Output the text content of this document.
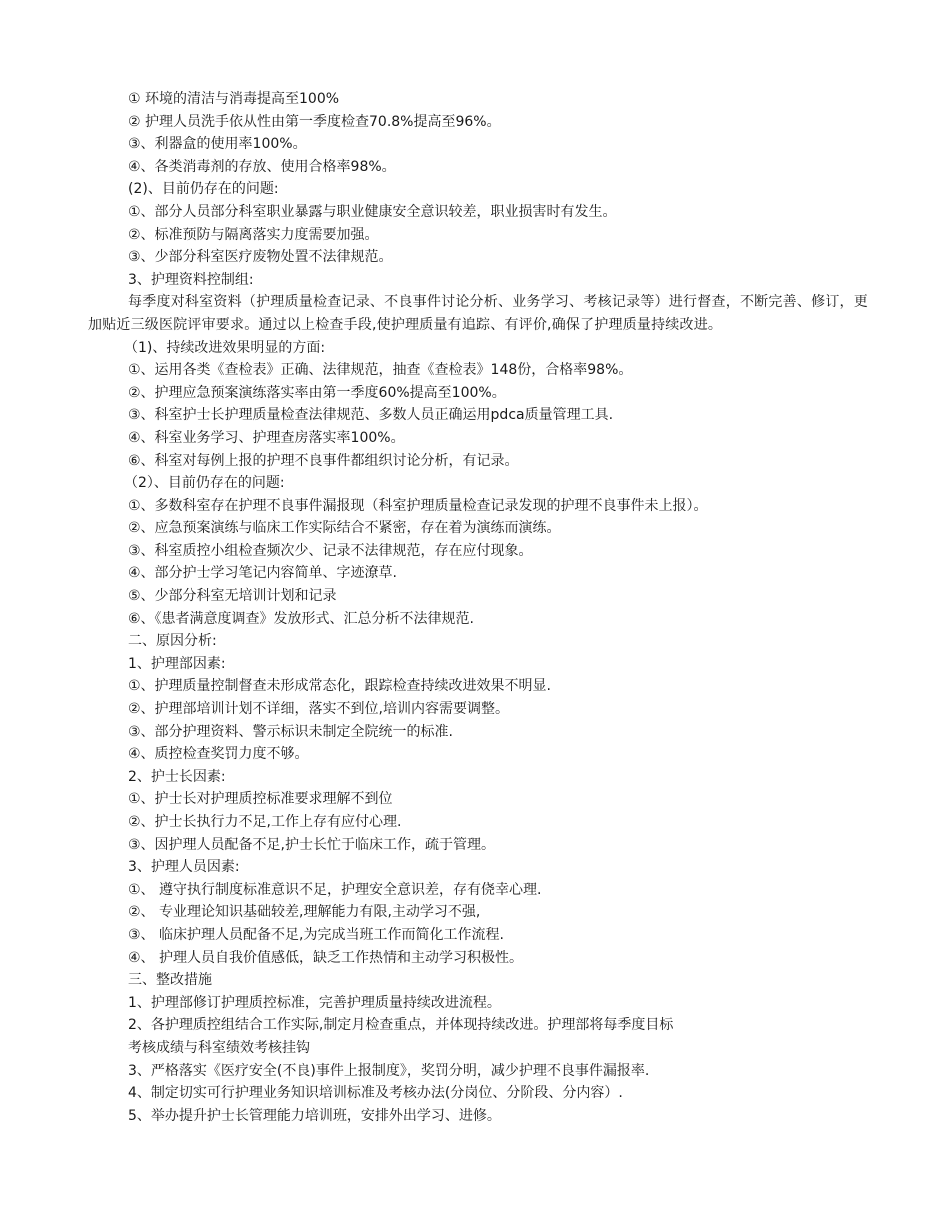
① 环境的清洁与消毒提高至100%

② 护理人员洗手依从性由第一季度检查70.8%提高至96%。

③、利器盒的使用率100%。

④、各类消毒剂的存放、使用合格率98%。

(2)、目前仍存在的问题:

①、部分人员部分科室职业暴露与职业健康安全意识较差，职业损害时有发生。

②、标准预防与隔离落实力度需要加强。

③、少部分科室医疗废物处置不法律规范。

3、护理资料控制组:

每季度对科室资料（护理质量检查记录、不良事件讨论分析、业务学习、考核记录等）进行督查，不断完善、修订，更加贴近三级医院评审要求。通过以上检查手段,使护理质量有追踪、有评价,确保了护理质量持续改进。

（1)、持续改进效果明显的方面:

①、运用各类《查检表》正确、法律规范，抽查《查检表》148份，合格率98%。

②、护理应急预案演练落实率由第一季度60%提高至100%。

③、科室护士长护理质量检查法律规范、多数人员正确运用pdca质量管理工具.

④、科室业务学习、护理查房落实率100%。

⑥、科室对每例上报的护理不良事件都组织讨论分析，有记录。

（2）、目前仍存在的问题:

①、多数科室存在护理不良事件漏报现（科室护理质量检查记录发现的护理不良事件未上报）。

②、应急预案演练与临床工作实际结合不紧密，存在着为演练而演练。

③、科室质控小组检查频次少、记录不法律规范，存在应付现象。

④、部分护士学习笔记内容简单、字迹潦草.

⑤、少部分科室无培训计划和记录

⑥、《患者满意度调查》发放形式、汇总分析不法律规范.

二、原因分析:

1、护理部因素:

①、护理质量控制督查未形成常态化，跟踪检查持续改进效果不明显.

②、护理部培训计划不详细，落实不到位,培训内容需要调整。

③、部分护理资料、警示标识未制定全院统一的标准.

④、质控检查奖罚力度不够。

2、护士长因素:

①、护士长对护理质控标准要求理解不到位

②、护士长执行力不足,工作上存有应付心理.

③、因护理人员配备不足,护士长忙于临床工作，疏于管理。

3、护理人员因素:

①、 遵守执行制度标准意识不足，护理安全意识差，存有侥幸心理.

②、 专业理论知识基础较差,理解能力有限,主动学习不强,

③、 临床护理人员配备不足,为完成当班工作而简化工作流程.

④、 护理人员自我价值感低，缺乏工作热情和主动学习积极性。

三、整改措施

1、护理部修订护理质控标准，完善护理质量持续改进流程。

2、各护理质控组结合工作实际,制定月检查重点，并体现持续改进。护理部将每季度目标

考核成绩与科室绩效考核挂钩

3、严格落实《医疗安全(不良)事件上报制度》，奖罚分明，减少护理不良事件漏报率.

4、制定切实可行护理业务知识培训标准及考核办法(分岗位、分阶段、分内容）.

5、举办提升护士长管理能力培训班，安排外出学习、进修。
